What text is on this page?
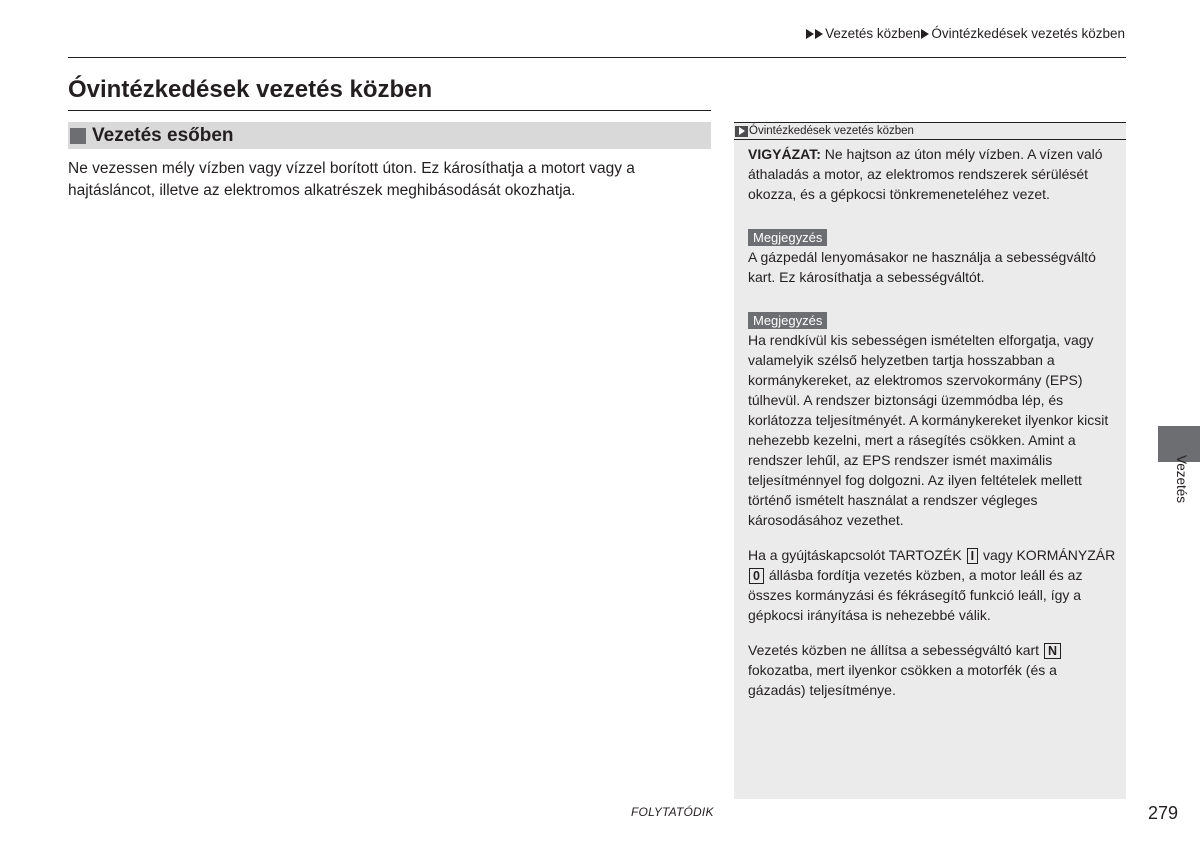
Vezetés közben Óvintézkedések vezetés közben
Óvintézkedések vezetés közben
Vezetés esőben

Ne vezessen mély vízben vagy vízzel borított úton. Ez károsíthatja a motort vagy a hajtásláncot, illetve az elektromos alkatrészek meghibásodását okozhatja.

Óvintézkedések vezetés közben

VIGYÁZAT: Ne hajtson az úton mély vízben. A vízen való áthaladás a motor, az elektromos rendszerek sérülését okozza, és a gépkocsi tönkremeneteléhez vezet.

Megjegyzés

A gázpedál lenyomásakor ne használja a sebességváltó kart. Ez károsíthatja a sebességváltót.

Megjegyzés

Ha rendkívül kis sebességen ismételten elforgatja, vagy valamelyik szélső helyzetben tartja hosszabban a kormánykereket, az elektromos szervokormány (EPS) túlhevül. A rendszer biztonsági üzemmódba lép, és korlátozza teljesítményét. A kormánykereket ilyenkor kicsit nehezebb kezelni, mert a rásegítés csökken. Amint a rendszer lehűl, az EPS rendszer ismét maximális teljesítménnyel fog dolgozni. Az ilyen feltételek mellett történő ismételt használat a rendszer végleges károsodásához vezethet.

Ha a gyújtáskapcsolót TARTOZÉK I vagy KORMÁNYZÁR 0 állásba fordítja vezetés közben, a motor leáll és az összes kormányzási és fékrásegítő funkció leáll, így a gépkocsi irányítása is nehezebbé válik.

Vezetés közben ne állítsa a sebességváltó kart N fokozatba, mert ilyenkor csökken a motorfék (és a gázadás) teljesítménye.

Vezetés
FOLYTATÓDIK	279
